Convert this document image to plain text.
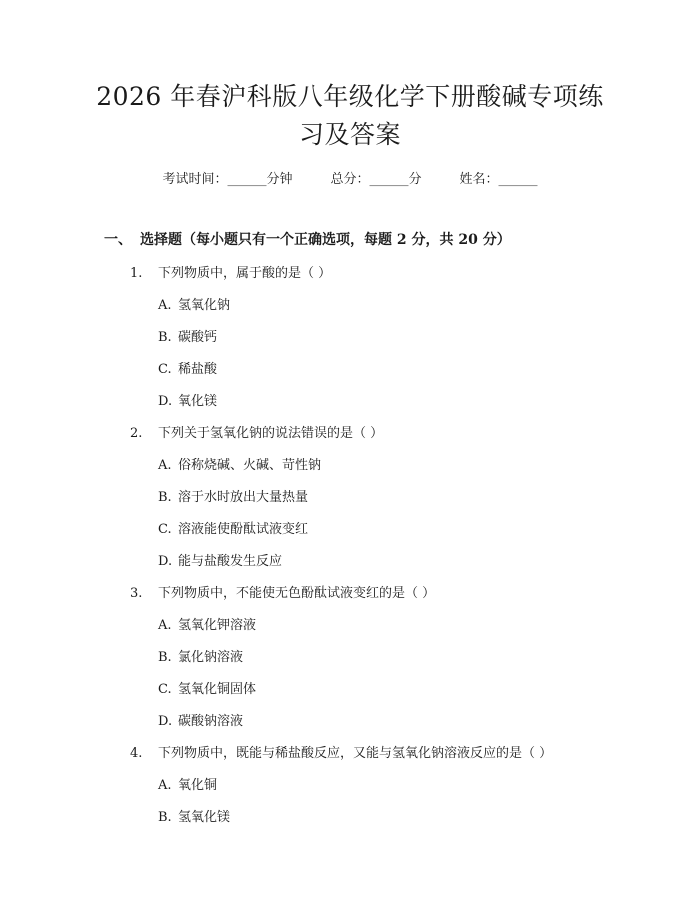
2026 年春沪科版八年级化学下册酸碱专项练
习及答案
考试时间：______分钟	总分：______分	姓名：______
一、 选择题（每小题只有一个正确选项，每题 2 分，共 20 分）
1. 下列物质中，属于酸的是（ ）
A. 氢氧化钠
B. 碳酸钙
C. 稀盐酸
D. 氧化镁
2. 下列关于氢氧化钠的说法错误的是（ ）
A. 俗称烧碱、火碱、苛性钠
B. 溶于水时放出大量热量
C. 溶液能使酚酞试液变红
D. 能与盐酸发生反应
3. 下列物质中，不能使无色酚酞试液变红的是（ ）
A. 氢氧化钾溶液
B. 氯化钠溶液
C. 氢氧化铜固体
D. 碳酸钠溶液
4. 下列物质中，既能与稀盐酸反应，又能与氢氧化钠溶液反应的是（ ）
A. 氧化铜
B. 氢氧化镁
